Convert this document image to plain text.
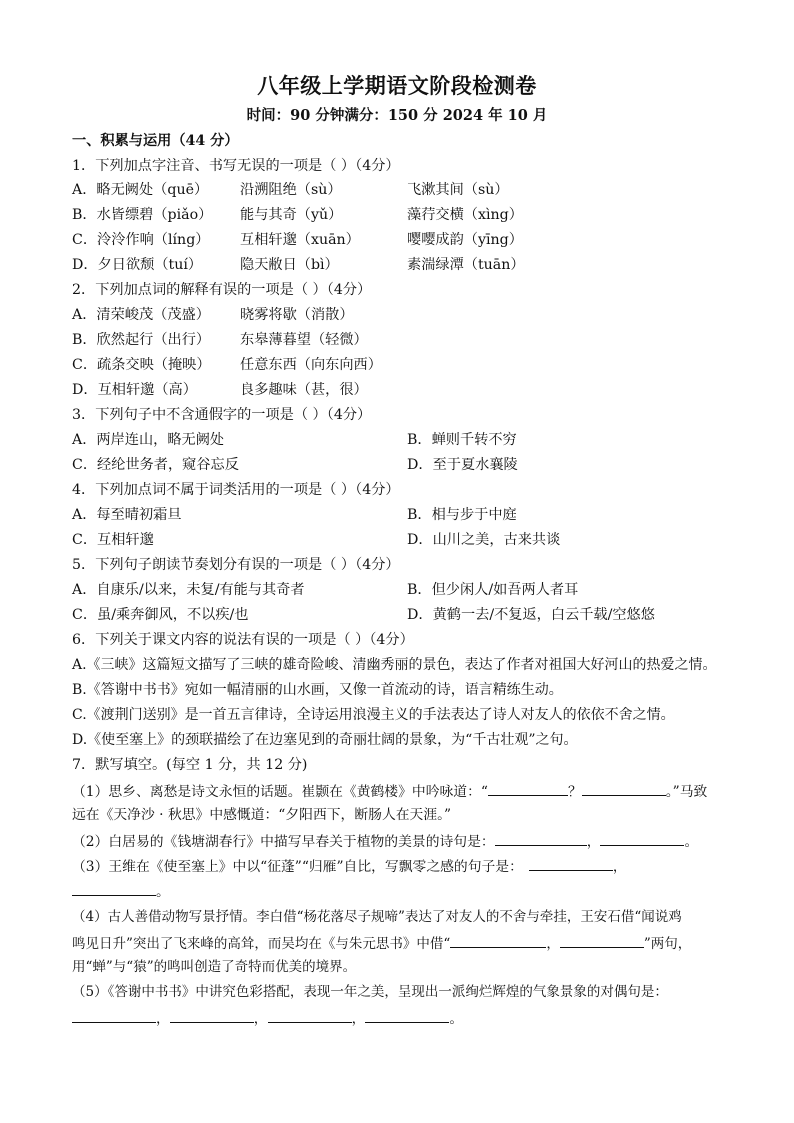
八年级上学期语文阶段检测卷
时间：90 分钟满分：150 分 2024 年 10 月
一、积累与运用（44 分）
1．下列加点字注音、书写无误的一项是（ ）（4分）
A．略无阙处（quē） 沿溯阻绝（sù）	飞漱其间（sù）
B．水皆缥碧（piǎo） 能与其奇（yǔ）	藻荇交横（xìng）
C．泠泠作响（líng） 互相轩邈（xuān）	嘤嘤成韵（yīng）
D．夕日欲颓（tuí）	隐天敝日（bì）	素湍绿潭（tuān）
2．下列加点词的解释有误的一项是（ ）（4分）
A．清荣峻茂（茂盛） 晓雾将歇（消散）
B．欣然起行（出行） 东皋薄暮望（轻微）
C．疏条交映（掩映） 任意东西（向东向西）
D．互相轩邈（高）	良多趣味（甚，很）
3．下列句子中不含通假字的一项是（ ）（4分）
A．两岸连山，略无阙处	B．蝉则千转不穷
C．经纶世务者，窥谷忘反	D．至于夏水襄陵
4．下列加点词不属于词类活用的一项是（ ）（4分）
A．每至晴初霜旦	B．相与步于中庭
C．互相轩邈	D．山川之美，古来共谈
5．下列句子朗读节奏划分有误的一项是（ ）（4分）
A．自康乐/以来，未复/有能与其奇者	B．但少闲人/如吾两人者耳
C．虽/乘奔御风，不以疾/也	D．黄鹤一去/不复返，白云千载/空悠悠
6．下列关于课文内容的说法有误的一项是（ ）（4分）
A.《三峡》这篇短文描写了三峡的雄奇险峻、清幽秀丽的景色，表达了作者对祖国大好河山的热爱之情。
B.《答谢中书书》宛如一幅清丽的山水画，又像一首流动的诗，语言精练生动。
C.《渡荆门送别》是一首五言律诗，全诗运用浪漫主义的手法表达了诗人对友人的依依不舍之情。
D.《使至塞上》的颈联描绘了在边塞见到的奇丽壮阔的景象，为“千古壮观”之句。
7．默写填空。(每空 1 分，共 12 分)
（1）思乡、离愁是诗文永恒的话题。崔颢在《黄鹤楼》中吟咏道：“	？	。”马致
远在《天净沙 · 秋思》中感慨道：“夕阳西下，断肠人在天涯。”
（2）白居易的《钱塘湖春行》中描写早春关于植物的美景的诗句是：	，	。
（3）王维在《使至塞上》中以“征蓬”“归雁”自比，写飘零之感的句子是：	，
。
（4）古人善借动物写景抒情。李白借“杨花落尽子规啼”表达了对友人的不舍与牵挂，王安石借“闻说鸡
鸣见日升”突出了飞来峰的高耸，而吴均在《与朱元思书》中借“	，	”两句，
用“蝉”与“猿”的鸣叫创造了奇特而优美的境界。
（5）《答谢中书书》中讲究色彩搭配，表现一年之美，呈现出一派绚烂辉煌的气象景象的对偶句是：
，	，	，	。
